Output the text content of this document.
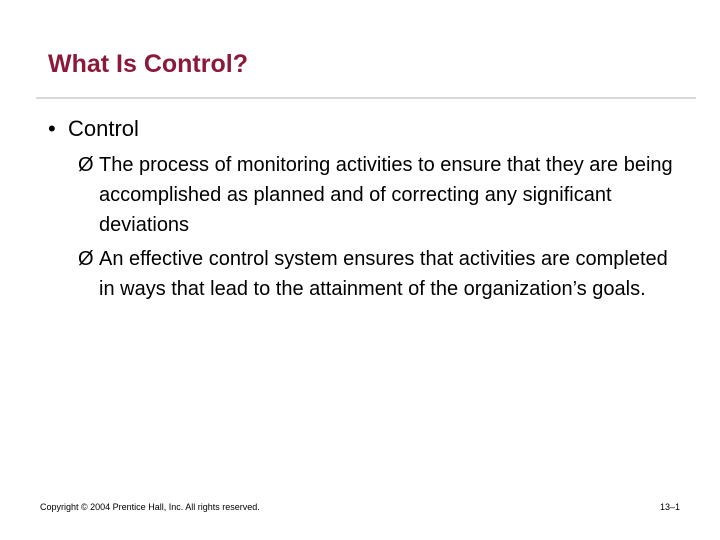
What Is Control?
• Control
Ø The process of monitoring activities to ensure that they are being accomplished as planned and of correcting any significant deviations
Ø An effective control system ensures that activities are completed in ways that lead to the attainment of the organization’s goals.
Copyright © 2004 Prentice Hall, Inc. All rights reserved.	13–1
